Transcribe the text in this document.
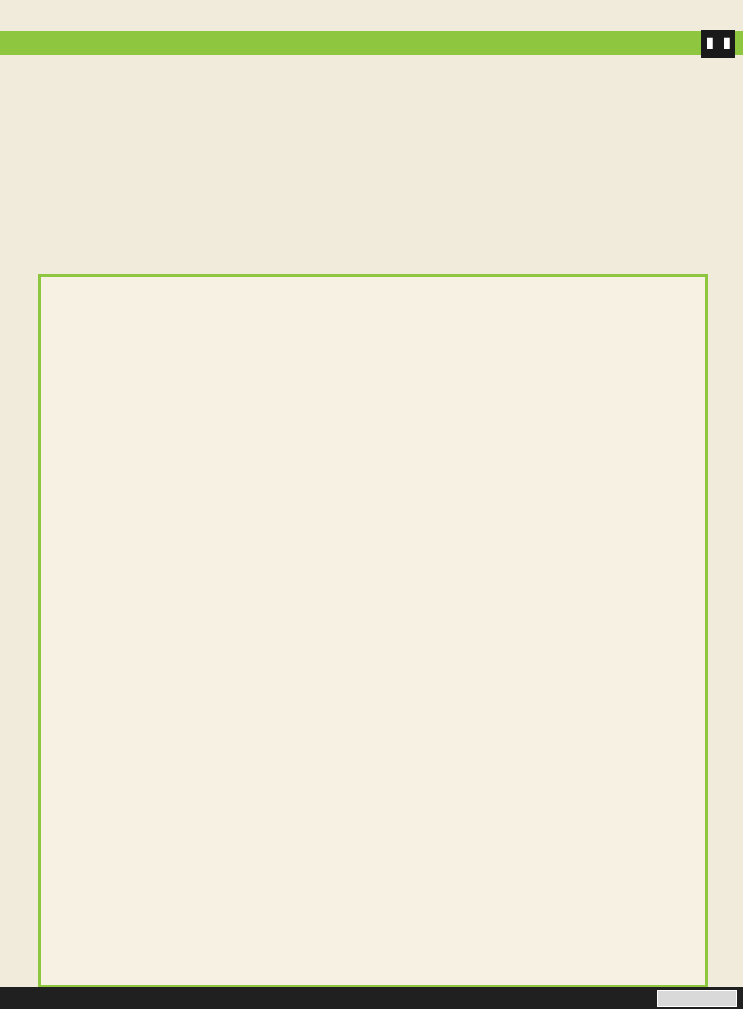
▮ ▮
